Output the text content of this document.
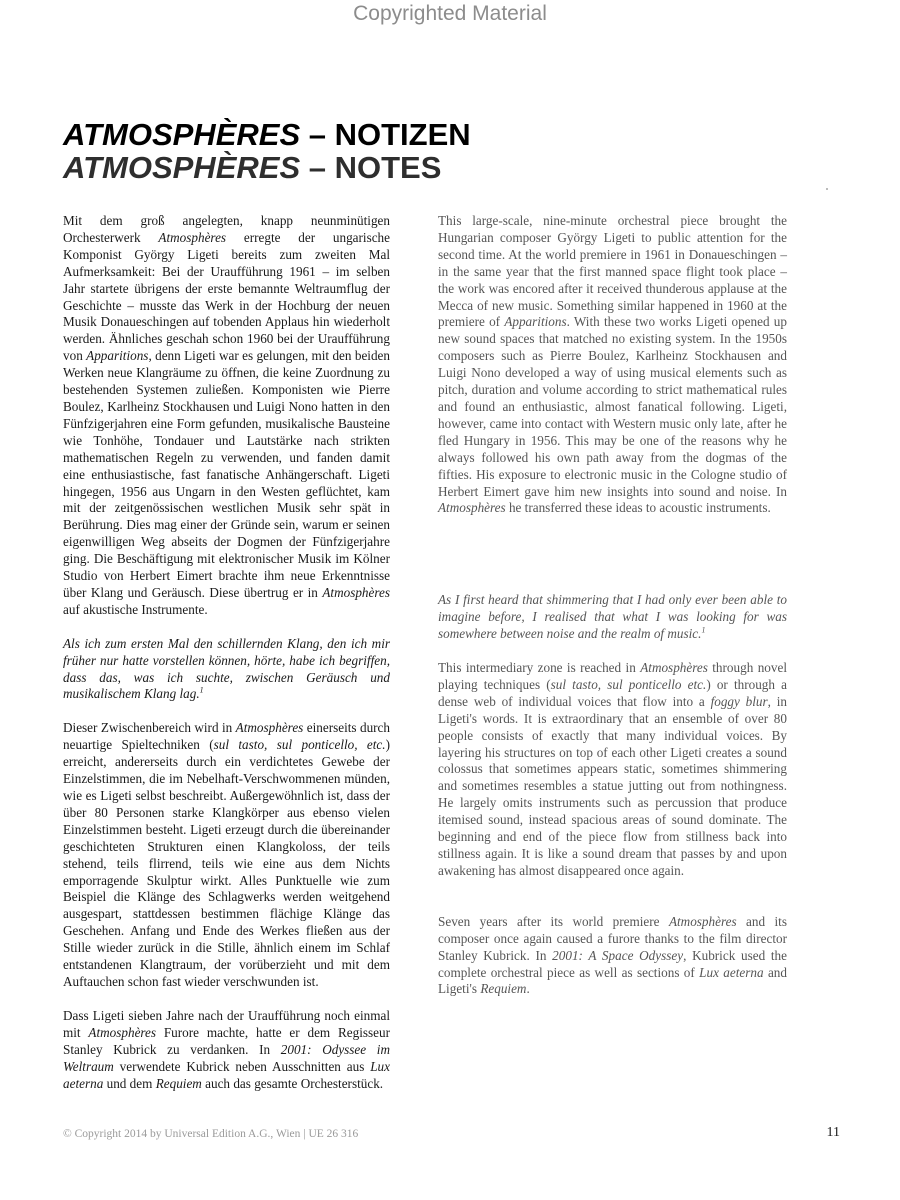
Copyrighted Material
ATMOSPHÈRES – NOTIZEN
ATMOSPHÈRES – NOTES

Mit dem groß angelegten, knapp neunminütigen Orchesterwerk Atmosphères erregte der ungarische Komponist György Ligeti bereits zum zweiten Mal Aufmerksamkeit: Bei der Uraufführung 1961 – im selben Jahr startete übrigens der erste bemannte Weltraumflug der Geschichte – musste das Werk in der Hochburg der neuen Musik Donaueschingen auf tobenden Applaus hin wiederholt werden. Ähnliches geschah schon 1960 bei der Uraufführung von Apparitions, denn Ligeti war es gelungen, mit den beiden Werken neue Klangräume zu öffnen, die keine Zuordnung zu bestehenden Systemen zuließen. Komponisten wie Pierre Boulez, Karlheinz Stockhausen und Luigi Nono hatten in den Fünfzigerjahren eine Form gefunden, musikalische Bausteine wie Tonhöhe, Tondauer und Lautstärke nach strikten mathematischen Regeln zu verwenden, und fanden damit eine enthusiastische, fast fanatische Anhängerschaft. Ligeti hingegen, 1956 aus Ungarn in den Westen geflüchtet, kam mit der zeitgenössischen westlichen Musik sehr spät in Berührung. Dies mag einer der Gründe sein, warum er seinen eigenwilligen Weg abseits der Dogmen der Fünfzigerjahre ging. Die Beschäftigung mit elektronischer Musik im Kölner Studio von Herbert Eimert brachte ihm neue Erkenntnisse über Klang und Geräusch. Diese übertrug er in Atmosphères auf akustische Instrumente.

Als ich zum ersten Mal den schillernden Klang, den ich mir früher nur hatte vorstellen können, hörte, habe ich begriffen, dass das, was ich suchte, zwischen Geräusch und musikalischem Klang lag.$^1$

Dieser Zwischenbereich wird in Atmosphères einerseits durch neuartige Spieltechniken (sul tasto, sul ponticello, etc.) erreicht, andererseits durch ein verdichtetes Gewebe der Einzelstimmen, die im Nebelhaft-Verschwommenen münden, wie es Ligeti selbst beschreibt. Außergewöhnlich ist, dass der über 80 Personen starke Klangkörper aus ebenso vielen Einzelstimmen besteht. Ligeti erzeugt durch die übereinander geschichteten Strukturen einen Klangkoloss, der teils stehend, teils flirrend, teils wie eine aus dem Nichts emporragende Skulptur wirkt. Alles Punktuelle wie zum Beispiel die Klänge des Schlagwerks werden weitgehend ausgespart, stattdessen bestimmen flächige Klänge das Geschehen. Anfang und Ende des Werkes fließen aus der Stille wieder zurück in die Stille, ähnlich einem im Schlaf entstandenen Klangtraum, der vorüberzieht und mit dem Auftauchen schon fast wieder verschwunden ist.

Dass Ligeti sieben Jahre nach der Uraufführung noch einmal mit Atmosphères Furore machte, hatte er dem Regisseur Stanley Kubrick zu verdanken. In 2001: Odyssee im Weltraum verwendete Kubrick neben Ausschnitten aus Lux aeterna und dem Requiem auch das gesamte Orchesterstück.

This large-scale, nine-minute orchestral piece brought the Hungarian composer György Ligeti to public attention for the second time. At the world premiere in 1961 in Donaueschingen – in the same year that the first manned space flight took place – the work was encored after it received thunderous applause at the Mecca of new music. Something similar happened in 1960 at the premiere of Apparitions. With these two works Ligeti opened up new sound spaces that matched no existing system. In the 1950s composers such as Pierre Boulez, Karlheinz Stockhausen and Luigi Nono developed a way of using musical elements such as pitch, duration and volume according to strict mathematical rules and found an enthusiastic, almost fanatical following. Ligeti, however, came into contact with Western music only late, after he fled Hungary in 1956. This may be one of the reasons why he always followed his own path away from the dogmas of the fifties. His exposure to electronic music in the Cologne studio of Herbert Eimert gave him new insights into sound and noise. In Atmosphères he transferred these ideas to acoustic instruments.

As I first heard that shimmering that I had only ever been able to imagine before, I realised that what I was looking for was somewhere between noise and the realm of music.$^1$

This intermediary zone is reached in Atmosphères through novel playing techniques (sul tasto, sul ponticello etc.) or through a dense web of individual voices that flow into a foggy blur, in Ligeti's words. It is extraordinary that an ensemble of over 80 people consists of exactly that many individual voices. By layering his structures on top of each other Ligeti creates a sound colossus that sometimes appears static, sometimes shimmering and sometimes resembles a statue jutting out from nothingness. He largely omits instruments such as percussion that produce itemised sound, instead spacious areas of sound dominate. The beginning and end of the piece flow from stillness back into stillness again. It is like a sound dream that passes by and upon awakening has almost disappeared once again.

Seven years after its world premiere Atmosphères and its composer once again caused a furore thanks to the film director Stanley Kubrick. In 2001: A Space Odyssey, Kubrick used the complete orchestral piece as well as sections of Lux aeterna and Ligeti's Requiem.

© Copyright 2014 by Universal Edition A.G., Wien | UE 26 316	11
